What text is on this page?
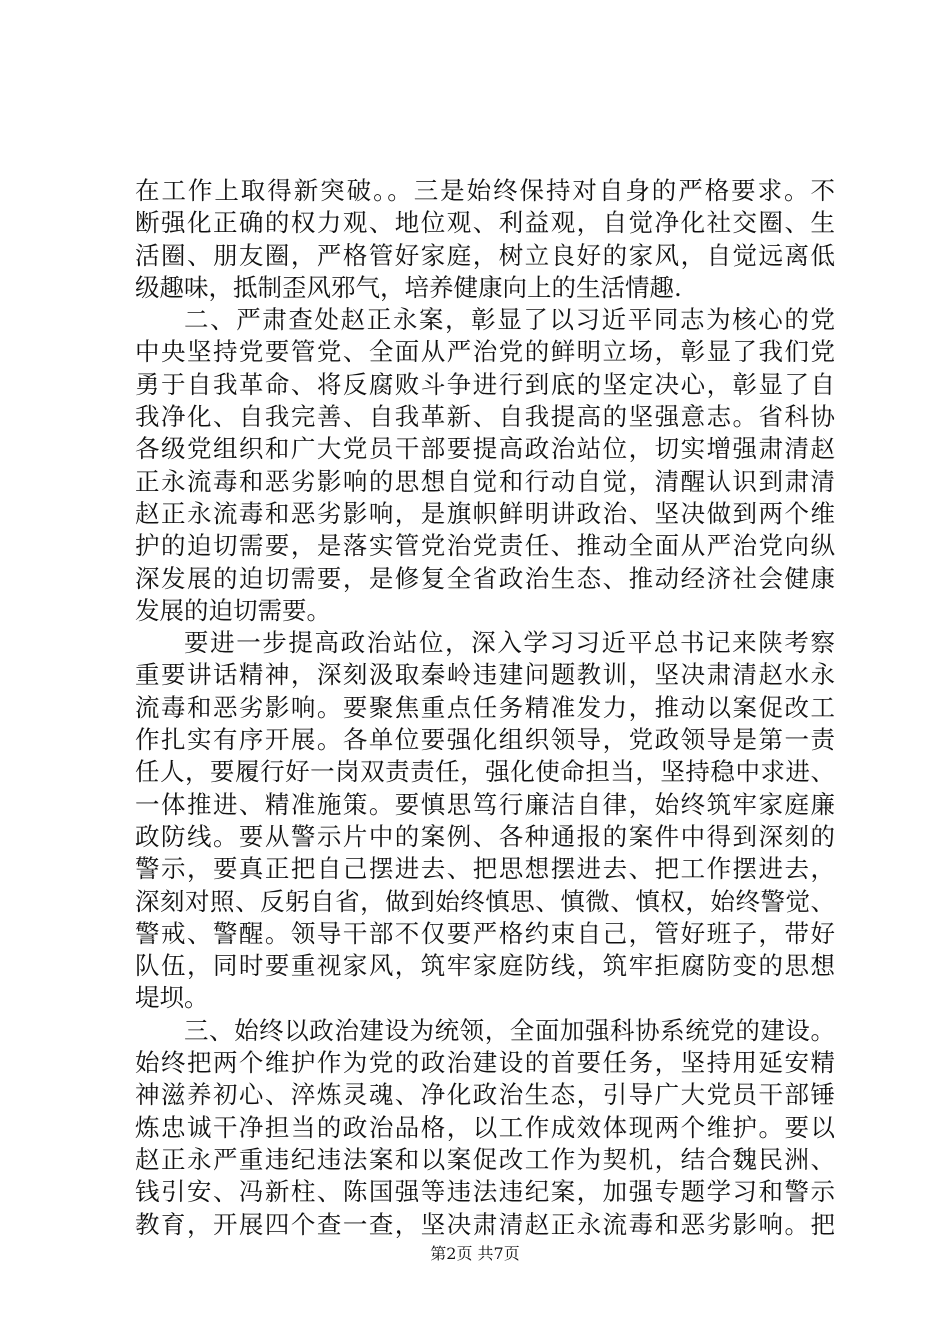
在工作上取得新突破。。三是始终保持对自身的严格要求。不
断强化正确的权力观、地位观、利益观，自觉净化社交圈、生
活圈、朋友圈，严格管好家庭，树立良好的家风，自觉远离低
级趣味，抵制歪风邪气，培养健康向上的生活情趣.
二、严肃查处赵正永案，彰显了以习近平同志为核心的党
中央坚持党要管党、全面从严治党的鲜明立场，彰显了我们党
勇于自我革命、将反腐败斗争进行到底的坚定决心，彰显了自
我净化、自我完善、自我革新、自我提高的坚强意志。省科协
各级党组织和广大党员干部要提高政治站位，切实增强肃清赵
正永流毒和恶劣影响的思想自觉和行动自觉，清醒认识到肃清
赵正永流毒和恶劣影响，是旗帜鲜明讲政治、坚决做到两个维
护的迫切需要，是落实管党治党责任、推动全面从严治党向纵
深发展的迫切需要，是修复全省政治生态、推动经济社会健康
发展的迫切需要。
要进一步提高政治站位，深入学习习近平总书记来陕考察
重要讲话精神，深刻汲取秦岭违建问题教训，坚决肃清赵水永
流毒和恶劣影响。要聚焦重点任务精准发力，推动以案促改工
作扎实有序开展。各单位要强化组织领导，党政领导是第一责
任人，要履行好一岗双责责任，强化使命担当，坚持稳中求进、
一体推进、精准施策。要慎思笃行廉洁自律，始终筑牢家庭廉
政防线。要从警示片中的案例、各种通报的案件中得到深刻的
警示，要真正把自己摆进去、把思想摆进去、把工作摆进去，
深刻对照、反躬自省，做到始终慎思、慎微、慎权，始终警觉、
警戒、警醒。领导干部不仅要严格约束自己，管好班子，带好
队伍，同时要重视家风，筑牢家庭防线，筑牢拒腐防变的思想
堤坝。
三、始终以政治建设为统领，全面加强科协系统党的建设。
始终把两个维护作为党的政治建设的首要任务，坚持用延安精
神滋养初心、淬炼灵魂、净化政治生态，引导广大党员干部锤
炼忠诚干净担当的政治品格，以工作成效体现两个维护。要以
赵正永严重违纪违法案和以案促改工作为契机，结合魏民洲、
钱引安、冯新柱、陈国强等违法违纪案，加强专题学习和警示
教育，开展四个查一查，坚决肃清赵正永流毒和恶劣影响。把
第2页 共7页
